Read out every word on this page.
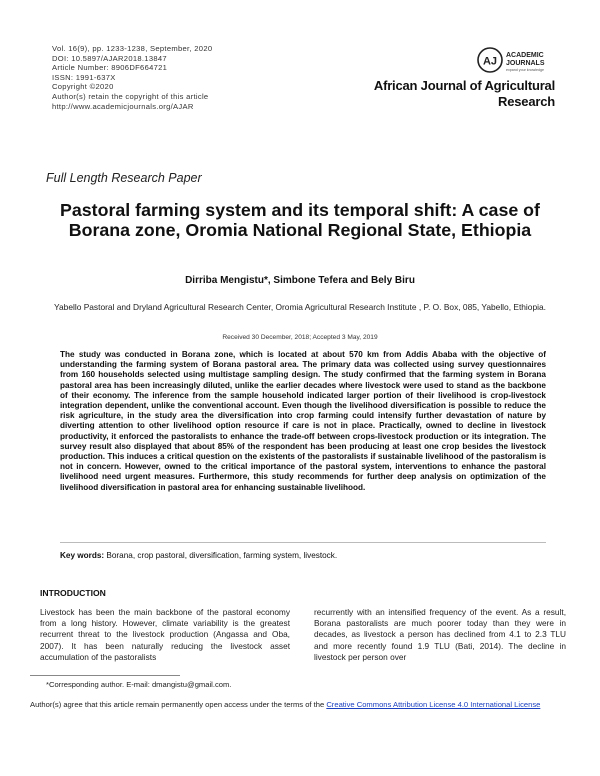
Vol. 16(9), pp. 1233-1238, September, 2020
DOI: 10.5897/AJAR2018.13847
Article Number: 8906DF664721
ISSN: 1991-637X
Copyright ©2020
Author(s) retain the copyright of this article
http://www.academicjournals.org/AJAR
AJ ACADEMIC
JOURNALS
expand your knowledge
African Journal of Agricultural Research
Full Length Research Paper
Pastoral farming system and its temporal shift: A case of Borana zone, Oromia National Regional State, Ethiopia
Dirriba Mengistu*, Simbone Tefera and Bely Biru
Yabello Pastoral and Dryland Agricultural Research Center, Oromia Agricultural Research Institute , P. O. Box, 085, Yabello, Ethiopia.
Received 30 December, 2018; Accepted 3 May, 2019
The study was conducted in Borana zone, which is located at about 570 km from Addis Ababa with the objective of understanding the farming system of Borana pastoral area. The primary data was collected using survey questionnaires from 160 households selected using multistage sampling design. The study confirmed that the farming system in Borana pastoral area has been increasingly diluted, unlike the earlier decades where livestock were used to stand as the backbone of their economy. The inference from the sample household indicated larger portion of their livelihood is crop-livestock integration dependent, unlike the conventional account. Even though the livelihood diversification is possible to reduce the risk agriculture, in the study area the diversification into crop farming could intensify further devastation of nature by diverting attention to other livelihood option resource if care is not in place. Practically, owned to decline in livestock productivity, it enforced the pastoralists to enhance the trade-off between crops-livestock production or its integration. The survey result also displayed that about 85% of the respondent has been producing at least one crop besides the livestock production. This induces a critical question on the existents of the pastoralists if sustainable livelihood of the pastoralism is not in concern. However, owned to the critical importance of the pastoral system, interventions to enhance the pastoral livelihood need urgent measures. Furthermore, this study recommends for further deep analysis on optimization of the livelihood diversification in pastoral area for enhancing sustainable livelihood.
Key words: Borana, crop pastoral, diversification, farming system, livestock.
INTRODUCTION
Livestock has been the main backbone of the pastoral economy from a long history. However, climate variability is the greatest recurrent threat to the livestock production (Angassa and Oba, 2007). It has been naturally reducing the livestock asset accumulation of the pastoralists
recurrently with an intensified frequency of the event. As a result, Borana pastoralists are much poorer today than they were in decades, as livestock a person has declined from 4.1 to 2.3 TLU and more recently found 1.9 TLU (Bati, 2014). The decline in livestock per person over
*Corresponding author. E-mail: dmangistu@gmail.com.
Author(s) agree that this article remain permanently open access under the terms of the Creative Commons Attribution License 4.0 International License
